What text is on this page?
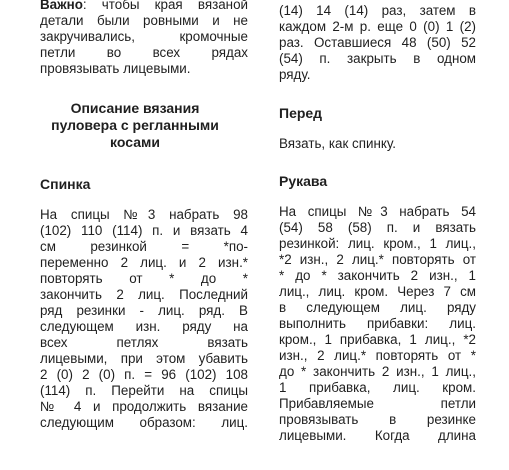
Важно: чтобы края вязаной
детали были ровными и не
закручивались, кромочные
петли во всех рядах
провязывать лицевыми.

Описание вязания
пуловера с регланными
косами
Спинка

На спицы №3 набрать 98
(102) 110 (114) п. и вязать 4
см резинкой = *по-
переменно 2 лиц. и 2 изн.*
повторять от * до *
закончить 2 лиц. Последний
ряд резинки - лиц. ряд. В
следующем изн. ряду на
всех петлях вязать
лицевыми, при этом убавить
2 (0) 2 (0) п. = 96 (102) 108
(114) п. Перейти на спицы
№ 4 и продолжить вязание
следующим образом: лиц.

(14) 14 (14) раз, затем в
каждом 2-м р. еще 0 (0) 1 (2)
раз. Оставшиеся 48 (50) 52
(54) п. закрыть в одном
ряду.

Перед

Вязать, как спинку.

Рукава

На спицы №3 набрать 54
(54) 58 (58) п. и вязать
резинкой: лиц. кром., 1 лиц.,
*2 изн., 2 лиц.* повторять от
* до * закончить 2 изн., 1
лиц., лиц. кром. Через 7 см
в следующем лиц. ряду
выполнить прибавки: лиц.
кром., 1 прибавка, 1 лиц., *2
изн., 2 лиц.* повторять от *
до * закончить 2 изн., 1 лиц.,
1 прибавка, лиц. кром.
Прибавляемые петли
провязывать в резинке
лицевыми. Когда длина
